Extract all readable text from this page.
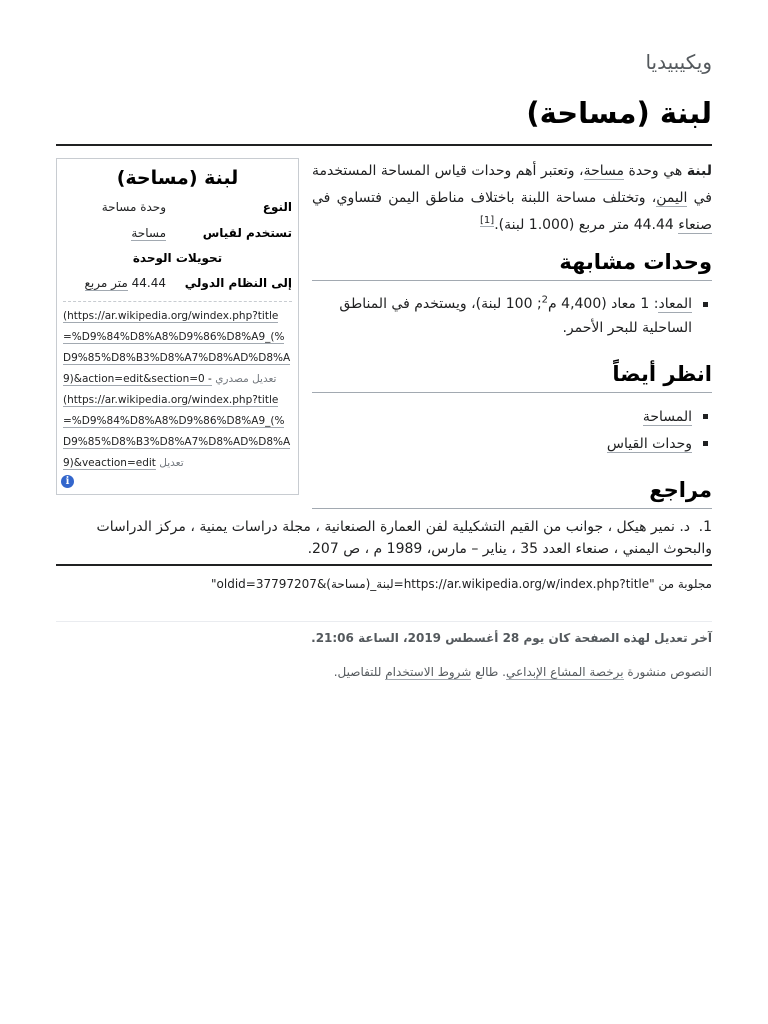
ويكيبيديا
لبنة (مساحة)
لبنة (مساحة)
النوع
وحدة مساحة
تستخدم لقياس
مساحة
تحويلات الوحدة
إلى النظام الدولي
44.44 متر مربع
(https://ar.wikipedia.org/windex.php?title=%D9%84%D8%A8%D9%86%D8%A9_(%D9%85%D8%B3%D8%A7%D8%AD%D8%A9)&action=edit&section=0 - تعديل مصدري
(https://ar.wikipedia.org/windex.php?title=%D9%84%D8%A8%D9%86%D8%A9_(%D9%85%D8%B3%D8%A7%D8%AD%D8%A9)&veaction=edit تعديل
i

لبنة هي وحدة مساحة، وتعتبر أهم وحدات قياس المساحة المستخدمة في اليمن، وتختلف مساحة اللبنة باختلاف مناطق اليمن فتساوي في صنعاء 44.44 متر مربع (1.000 لبنة).[1]

وحدات مشابهة
المعاد: 1 معاد (4,400 م$^2$; 100 لبنة)، ويستخدم في المناطق الساحلية للبحر الأحمر.
انظر أيضاً
المساحة
وحدات القياس
مراجع
1.د. نمير هيكل ، جوانب من القيم التشكيلية لفن العمارة الصنعانية ، مجلة دراسات يمنية ، مركز الدراسات والبحوث اليمني ، صنعاء العدد 35 ، يناير – مارس، 1989 م ، ص 207.
مجلوبة من "https://ar.wikipedia.org/w/index.php?title=لبنة_(مساحة)&oldid=37797207"
آخر تعديل لهذه الصفحة كان يوم 28 أغسطس 2019، الساعة 21:06.
النصوص منشورة برخصة المشاع الإبداعي. طالع شروط الاستخدام للتفاصيل.
